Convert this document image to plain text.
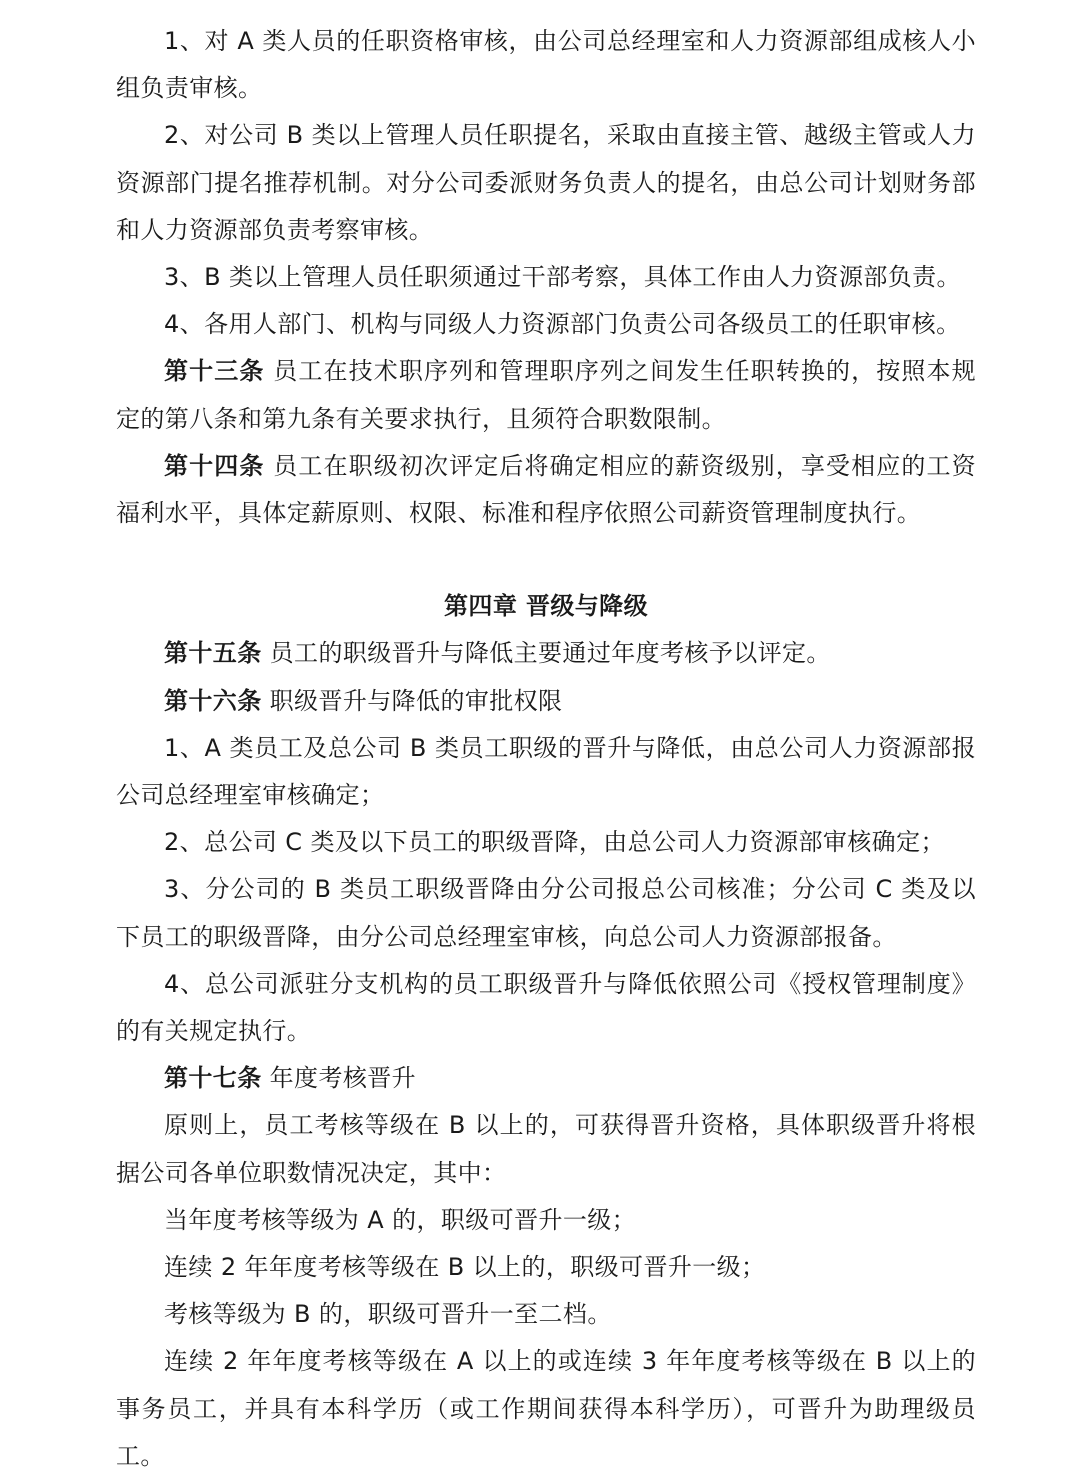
1、对 A 类人员的任职资格审核，由公司总经理室和人力资源部组成核人小组负责审核。

2、对公司 B 类以上管理人员任职提名，采取由直接主管、越级主管或人力资源部门提名推荐机制。对分公司委派财务负责人的提名，由总公司计划财务部和人力资源部负责考察审核。

3、B 类以上管理人员任职须通过干部考察，具体工作由人力资源部负责。

4、各用人部门、机构与同级人力资源部门负责公司各级员工的任职审核。

第十三条 员工在技术职序列和管理职序列之间发生任职转换的，按照本规定的第八条和第九条有关要求执行，且须符合职数限制。

第十四条 员工在职级初次评定后将确定相应的薪资级别，享受相应的工资福利水平，具体定薪原则、权限、标准和程序依照公司薪资管理制度执行。

第四章 晋级与降级

第十五条 员工的职级晋升与降低主要通过年度考核予以评定。

第十六条 职级晋升与降低的审批权限

1、A 类员工及总公司 B 类员工职级的晋升与降低，由总公司人力资源部报公司总经理室审核确定；

2、总公司 C 类及以下员工的职级晋降，由总公司人力资源部审核确定；

3、分公司的 B 类员工职级晋降由分公司报总公司核准；分公司 C 类及以下员工的职级晋降，由分公司总经理室审核，向总公司人力资源部报备。

4、总公司派驻分支机构的员工职级晋升与降低依照公司《授权管理制度》的有关规定执行。

第十七条 年度考核晋升

原则上，员工考核等级在 B 以上的，可获得晋升资格，具体职级晋升将根据公司各单位职数情况决定，其中：

当年度考核等级为 A 的，职级可晋升一级；

连续 2 年年度考核等级在 B 以上的，职级可晋升一级；

考核等级为 B 的，职级可晋升一至二档。

连续 2 年年度考核等级在 A 以上的或连续 3 年年度考核等级在 B 以上的事务员工，并具有本科学历（或工作期间获得本科学历），可晋升为助理级员工。
